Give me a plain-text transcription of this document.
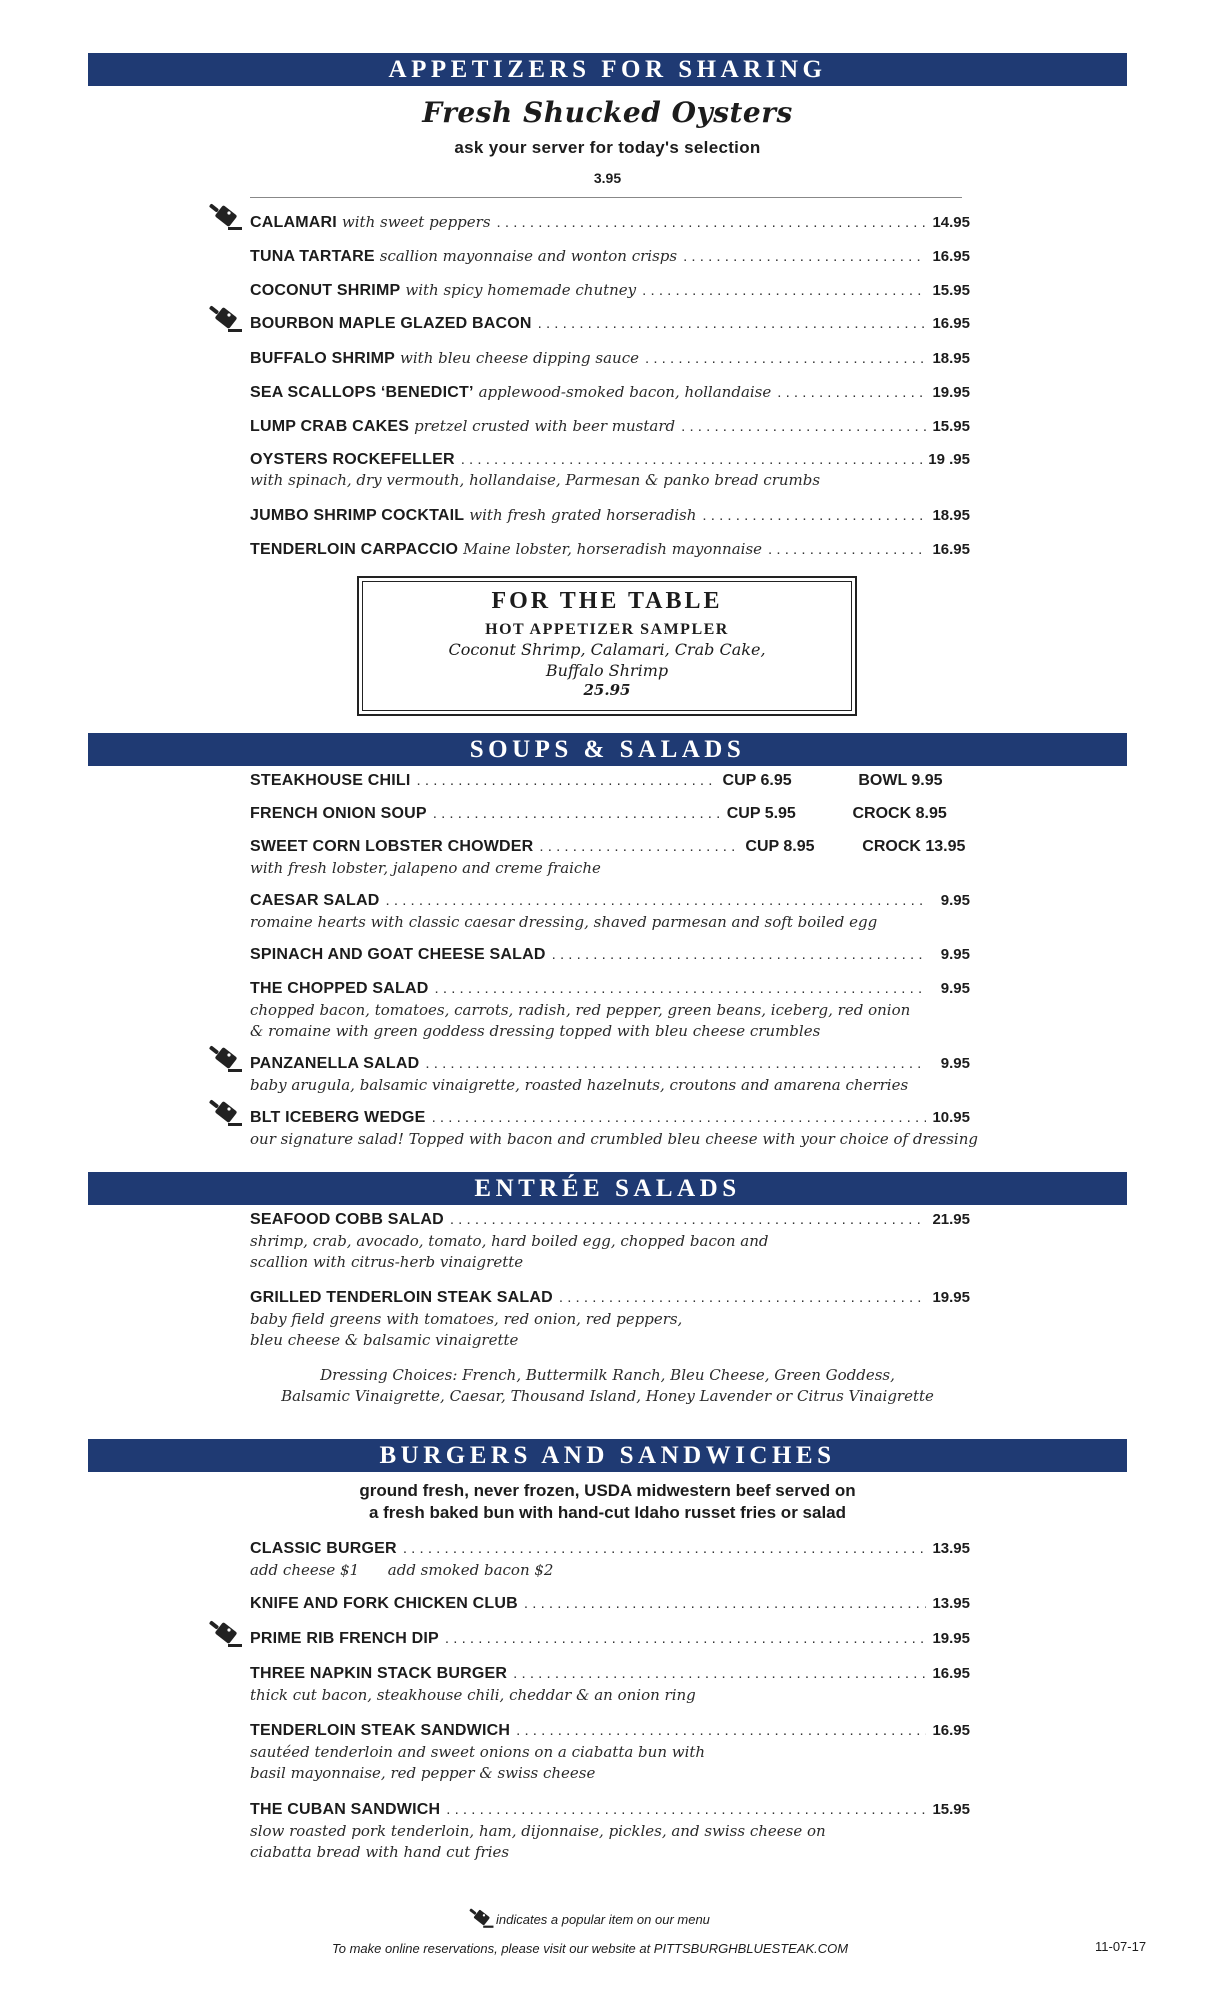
APPETIZERS FOR SHARING
Fresh Shucked Oysters
ask your server for today's selection
3.95
CALAMARI with sweet peppers . . .	14.95
TUNA TARTARE scallion mayonnaise and wonton crisps . . .	16.95
COCONUT SHRIMP with spicy homemade chutney . . .	15.95
BOURBON MAPLE GLAZED BACON . . .	16.95
BUFFALO SHRIMP with bleu cheese dipping sauce . . .	18.95
SEA SCALLOPS ‘BENEDICT’ applewood-smoked bacon, hollandaise . . .	19.95
LUMP CRAB CAKES pretzel crusted with beer mustard . . .	15.95
OYSTERS ROCKEFELLER . . .	19 .95
with spinach, dry vermouth, hollandaise, Parmesan & panko bread crumbs
JUMBO SHRIMP COCKTAIL with fresh grated horseradish . . .	18.95
TENDERLOIN CARPACCIO Maine lobster, horseradish mayonnaise . . .	16.95
FOR THE TABLE
HOT APPETIZER SAMPLER
Coconut Shrimp, Calamari, Crab Cake,
Buffalo Shrimp
25.95
SOUPS & SALADS
STEAKHOUSE CHILI . . .	CUP 6.95	BOWL 9.95
FRENCH ONION SOUP . . .	CUP 5.95	CROCK 8.95
SWEET CORN LOBSTER CHOWDER . . .	CUP 8.95	CROCK 13.95
with fresh lobster, jalapeno and creme fraiche
CAESAR SALAD . . .	9.95
romaine hearts with classic caesar dressing, shaved parmesan and soft boiled egg
SPINACH AND GOAT CHEESE SALAD . . .	9.95
THE CHOPPED SALAD . . .	9.95
chopped bacon, tomatoes, carrots, radish, red pepper, green beans, iceberg, red onion
& romaine with green goddess dressing topped with bleu cheese crumbles
PANZANELLA SALAD . . .	9.95
baby arugula, balsamic vinaigrette, roasted hazelnuts, croutons and amarena cherries
BLT ICEBERG WEDGE . . .	10.95
our signature salad! Topped with bacon and crumbled bleu cheese with your choice of dressing
ENTRÉE SALADS
SEAFOOD COBB SALAD . . .	21.95
shrimp, crab, avocado, tomato, hard boiled egg, chopped bacon and
scallion with citrus-herb vinaigrette
GRILLED TENDERLOIN STEAK SALAD . . .	19.95
baby field greens with tomatoes, red onion, red peppers,
bleu cheese & balsamic vinaigrette
Dressing Choices: French, Buttermilk Ranch, Bleu Cheese, Green Goddess,
Balsamic Vinaigrette, Caesar, Thousand Island, Honey Lavender or Citrus Vinaigrette
BURGERS AND SANDWICHES
ground fresh, never frozen, USDA midwestern beef served on
a fresh baked bun with hand-cut Idaho russet fries or salad
CLASSIC BURGER . . .	13.95
add cheese $1      add smoked bacon $2
KNIFE AND FORK CHICKEN CLUB . . .	13.95
PRIME RIB FRENCH DIP . . .	19.95
THREE NAPKIN STACK BURGER . . .	16.95
thick cut bacon, steakhouse chili, cheddar & an onion ring
TENDERLOIN STEAK SANDWICH . . .	16.95
sautéed tenderloin and sweet onions on a ciabatta bun with
basil mayonnaise, red pepper & swiss cheese
THE CUBAN SANDWICH . . .	15.95
slow roasted pork tenderloin, ham, dijonnaise, pickles, and swiss cheese on
ciabatta bread with hand cut fries
indicates a popular item on our menu
To make online reservations, please visit our website at PITTSBURGHBLUESTEAK.COM	11-07-17
